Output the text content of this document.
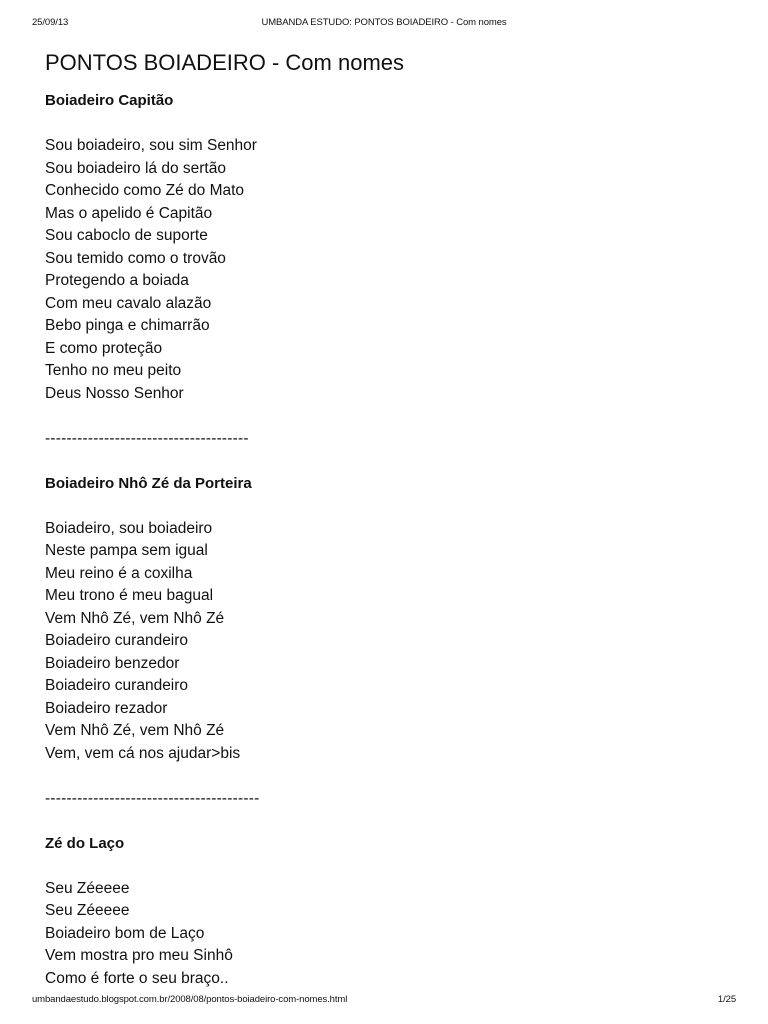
25/09/13	UMBANDA ESTUDO: PONTOS BOIADEIRO - Com nomes
PONTOS BOIADEIRO - Com nomes
Boiadeiro Capitão
Sou boiadeiro, sou sim Senhor
Sou boiadeiro lá do sertão
Conhecido como Zé do Mato
Mas o apelido é Capitão
Sou caboclo de suporte
Sou temido como o trovão
Protegendo a boiada
Com meu cavalo alazão
Bebo pinga e chimarrão
E como proteção
Tenho no meu peito
Deus Nosso Senhor
--------------------------------------
Boiadeiro Nhô Zé da Porteira
Boiadeiro, sou boiadeiro
Neste pampa sem igual
Meu reino é a coxilha
Meu trono é meu bagual
Vem Nhô Zé, vem Nhô Zé
Boiadeiro curandeiro
Boiadeiro benzedor
Boiadeiro curandeiro
Boiadeiro rezador
Vem Nhô Zé, vem Nhô Zé
Vem, vem cá nos ajudar>bis
----------------------------------------
Zé do Laço
Seu Zéeeee
Seu Zéeeee
Boiadeiro bom de Laço
Vem mostra pro meu Sinhô
Como é forte o seu braço..
umbandaestudo.blogspot.com.br/2008/08/pontos-boiadeiro-com-nomes.html	1/25
